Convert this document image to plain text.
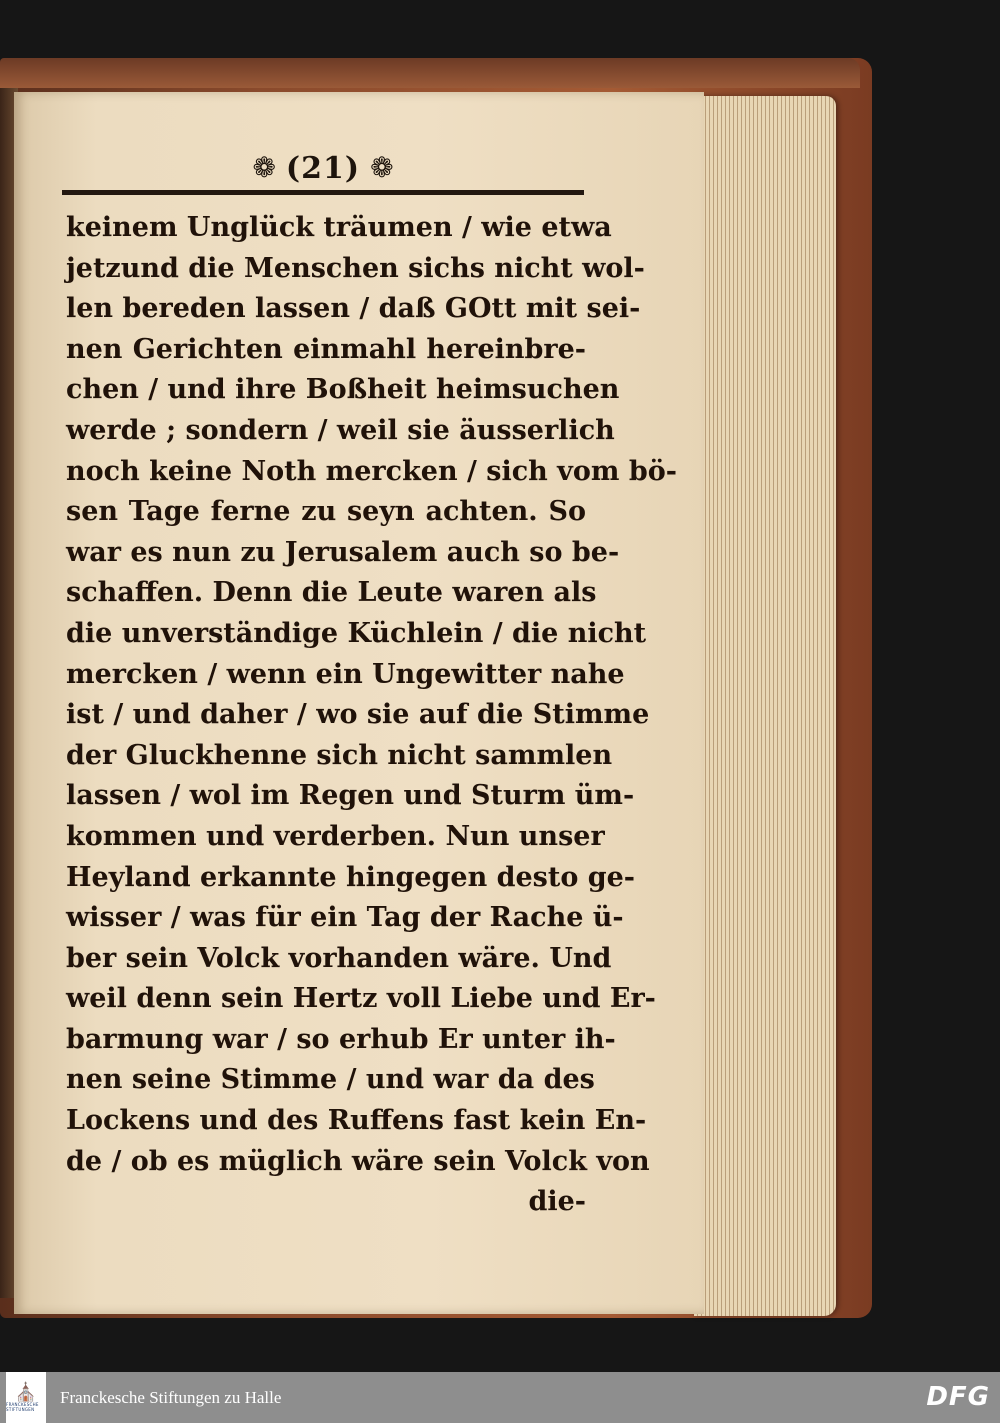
❁ (21) ❁
keinem Unglück träumen / wie etwa
jetzund die Menschen sichs nicht wol-
len bereden lassen / daß GOtt mit sei-
nen Gerichten einmahl hereinbre-
chen / und ihre Boßheit heimsuchen
werde ; sondern / weil sie äusserlich
noch keine Noth mercken / sich vom bö-
sen Tage ferne zu seyn achten. So
war es nun zu Jerusalem auch so be-
schaffen. Denn die Leute waren als
die unverständige Küchlein / die nicht
mercken / wenn ein Ungewitter nahe
ist / und daher / wo sie auf die Stimme
der Gluckhenne sich nicht sammlen
lassen / wol im Regen und Sturm üm-
kommen und verderben. Nun unser
Heyland erkannte hingegen desto ge-
wisser / was für ein Tag der Rache ü-
ber sein Volck vorhanden wäre. Und
weil denn sein Hertz voll Liebe und Er-
barmung war / so erhub Er unter ih-
nen seine Stimme / und war da des
Lockens und des Ruffens fast kein En-
de / ob es müglich wäre sein Volck von
die-
⛪
FRANCKESCHE STIFTUNGEN
Franckesche Stiftungen zu Halle	DFG
